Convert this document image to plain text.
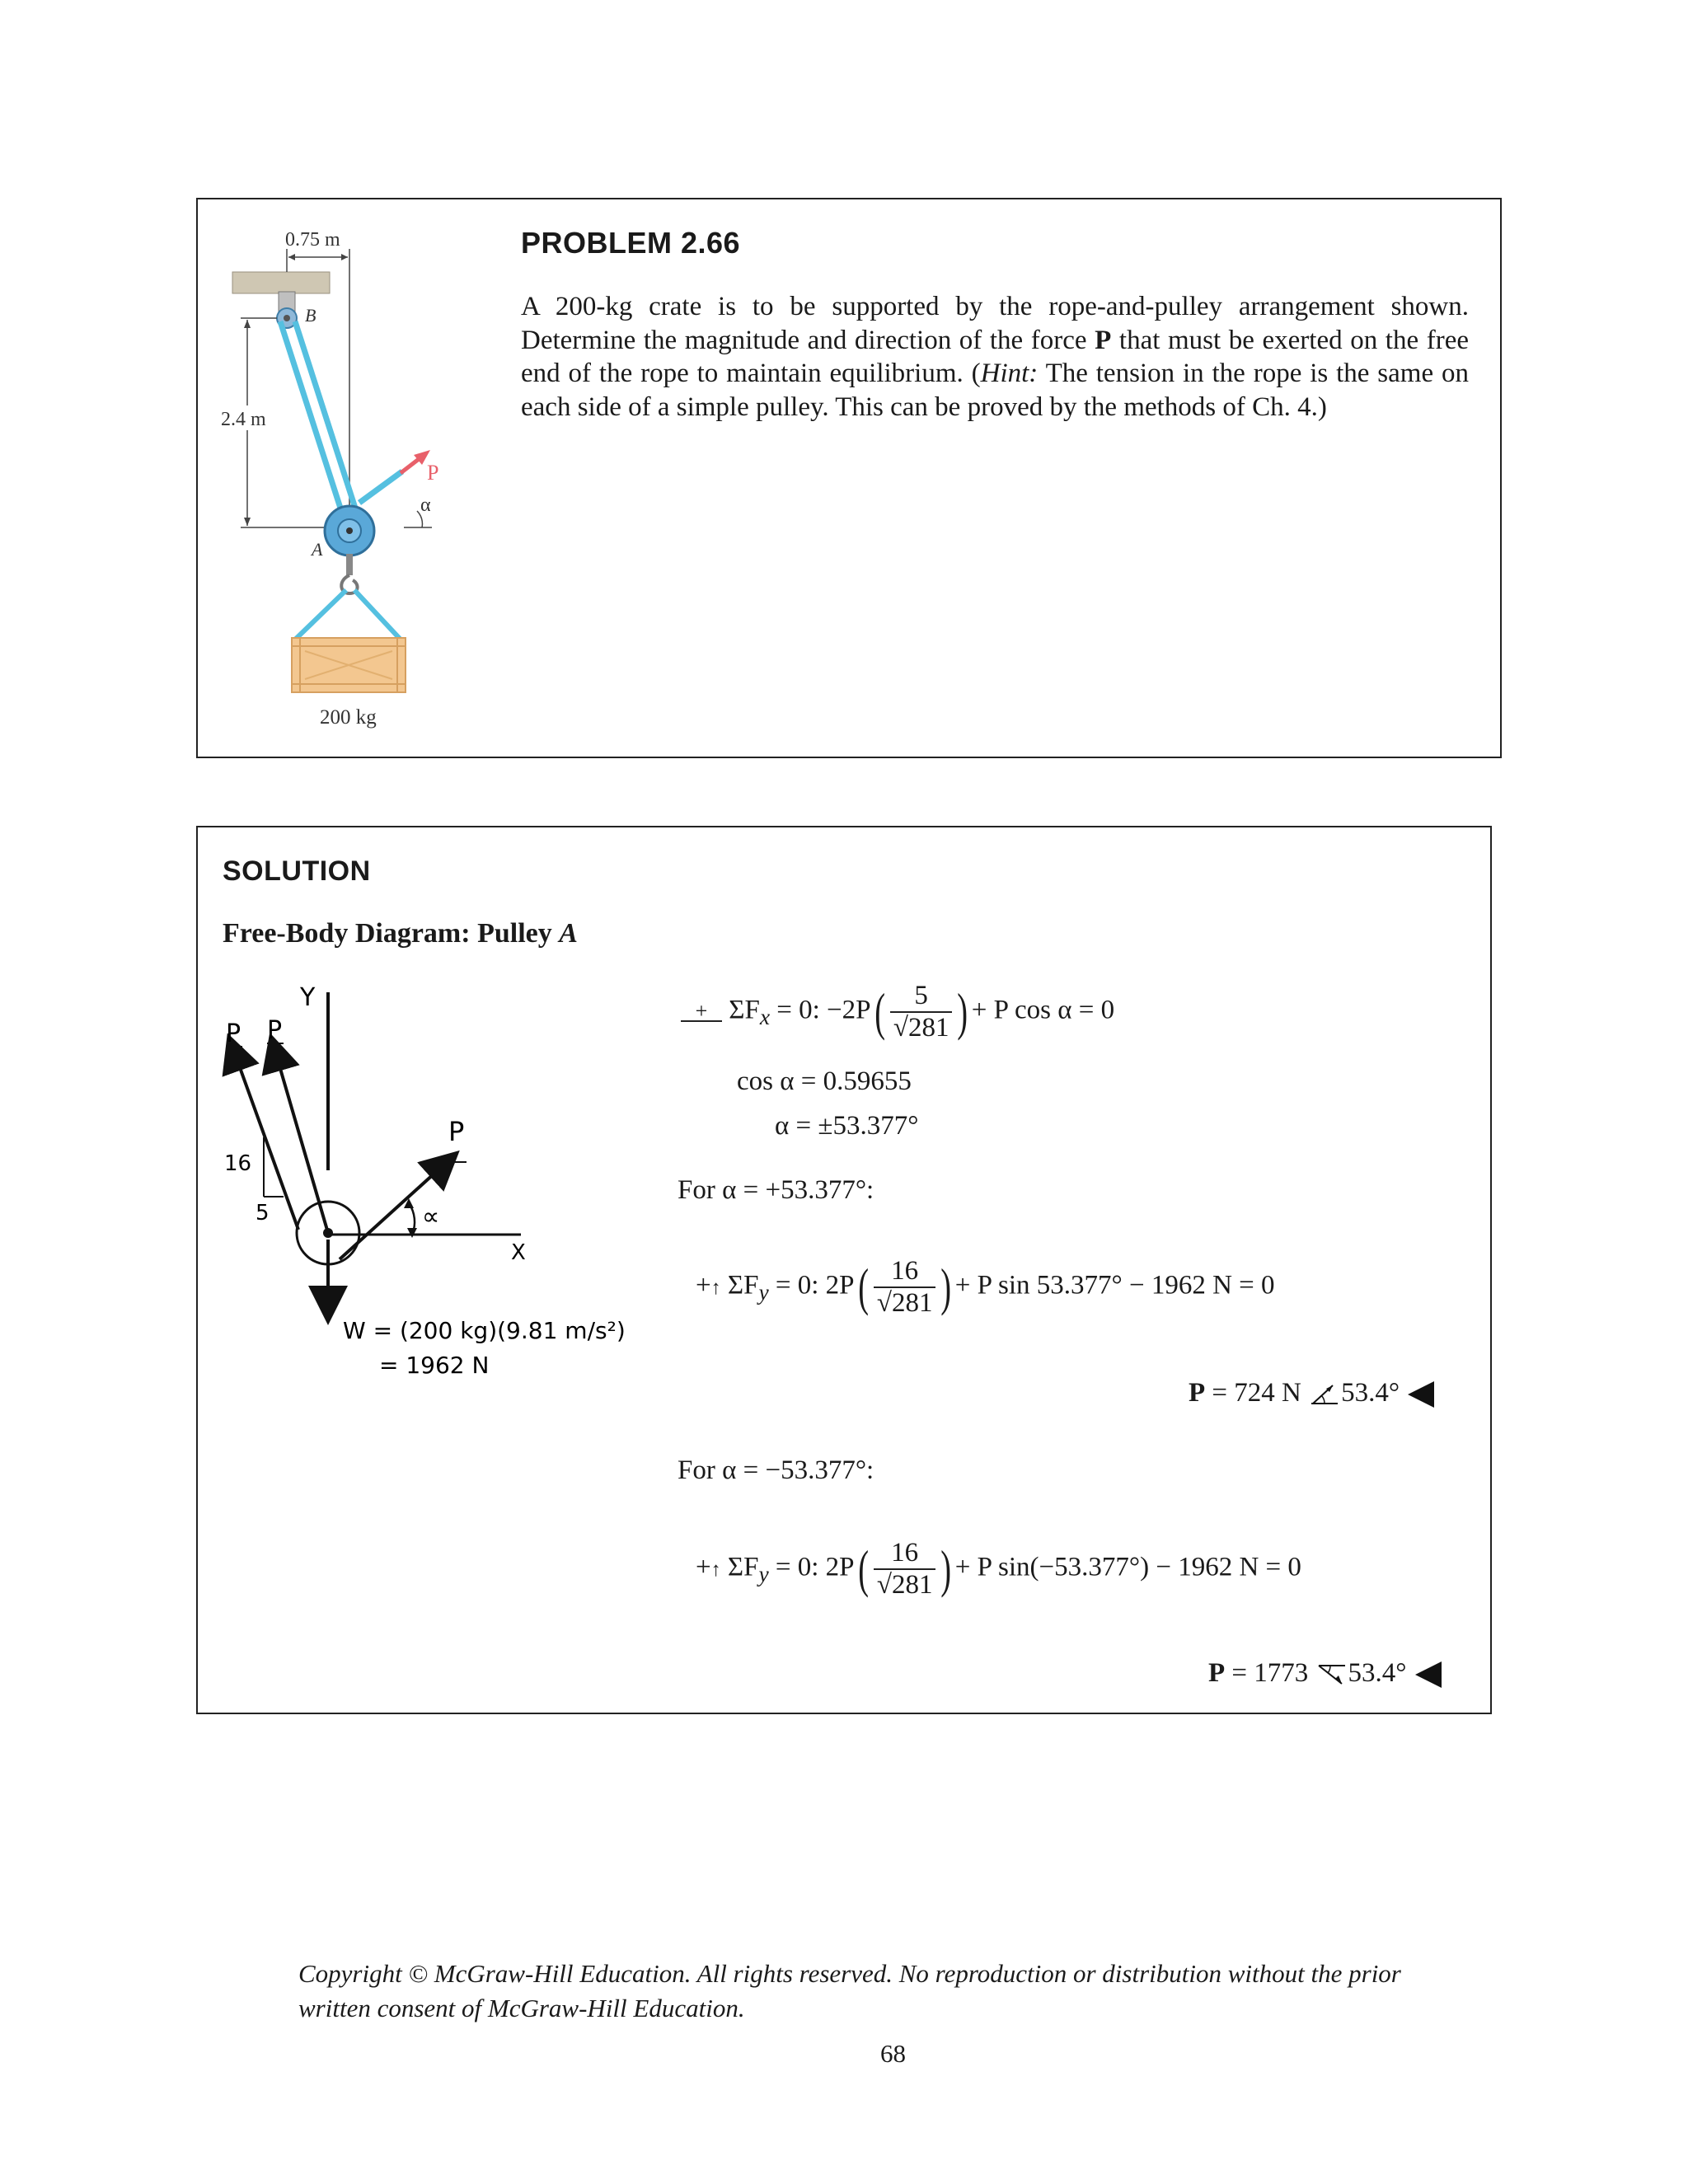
0.75 m
B
2.4 m
P
α
A
200 kg
PROBLEM 2.66
A 200-kg crate is to be supported by the rope-and-pulley arrangement shown. Determine the magnitude and direction of the force P that must be exerted on the free end of the rope to maintain equilibrium. (Hint: The tension in the rope is the same on each side of a simple pulley. This can be proved by the methods of Ch. 4.)
SOLUTION
Free-Body Diagram: Pulley A
Y
X
P P
16
5
P
∝
W = (200 kg)(9.81 m/s²)
= 1962 N
+ $\Sigma F_x = 0$: $-2P( \frac{5}{√281}$ ) + P cos α = 0
cos α = 0.59655
α = ±53.377°
For α = +53.377°:
+↑ $\Sigma F_y = 0$: $2P( \frac{16}{√281}$ ) + P sin 53.377° − 1962 N = 0
P = 724 N 53.4°
For α = −53.377°:
+↑ $\Sigma F_y = 0$: $2P( \frac{16}{√281}$ ) + P sin(−53.377°) − 1962 N = 0
P = 1773 53.4°
Copyright © McGraw-Hill Education. All rights reserved. No reproduction or distribution without the prior
written consent of McGraw-Hill Education.
68
